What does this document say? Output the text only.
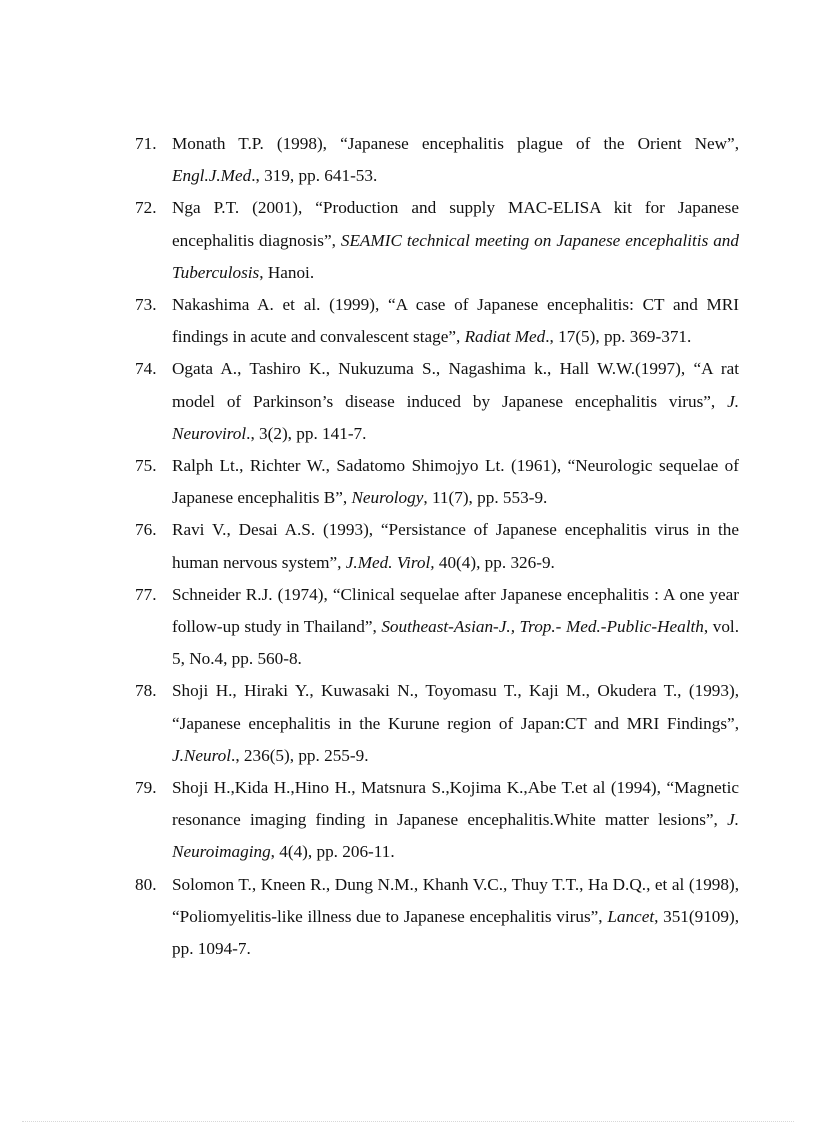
71. Monath T.P. (1998), “Japanese encephalitis plague of the Orient New”, Engl.J.Med., 319, pp. 641-53.
72. Nga P.T. (2001), “Production and supply MAC-ELISA kit for Japanese encephalitis diagnosis”, SEAMIC technical meeting on Japanese encephalitis and Tuberculosis, Hanoi.
73. Nakashima A. et al. (1999), “A case of Japanese encephalitis: CT and MRI findings in acute and convalescent stage”, Radiat Med., 17(5), pp. 369-371.
74. Ogata A., Tashiro K., Nukuzuma S., Nagashima k., Hall W.W.(1997), “A rat model of Parkinson’s disease induced by Japanese encephalitis virus”, J. Neurovirol., 3(2), pp. 141-7.
75. Ralph Lt., Richter W., Sadatomo Shimojyo Lt. (1961), “Neurologic sequelae of Japanese encephalitis B”, Neurology, 11(7), pp. 553-9.
76. Ravi V., Desai A.S. (1993), “Persistance of Japanese encephalitis virus in the human nervous system”, J.Med. Virol, 40(4), pp. 326-9.
77. Schneider R.J. (1974), “Clinical sequelae after Japanese encephalitis : A one year follow-up study in Thailand”, Southeast-Asian-J., Trop.- Med.-Public-Health, vol. 5, No.4, pp. 560-8.
78. Shoji H., Hiraki Y., Kuwasaki N., Toyomasu T., Kaji M., Okudera T., (1993), “Japanese encephalitis in the Kurune region of Japan:CT and MRI Findings”, J.Neurol., 236(5), pp. 255-9.
79. Shoji H.,Kida H.,Hino H., Matsnura S.,Kojima K.,Abe T.et al (1994), “Magnetic resonance imaging finding in Japanese encephalitis.White matter lesions”, J. Neuroimaging, 4(4), pp. 206-11.
80. Solomon T., Kneen R., Dung N.M., Khanh V.C., Thuy T.T., Ha D.Q., et al (1998), “Poliomyelitis-like illness due to Japanese encephalitis virus”, Lancet, 351(9109), pp. 1094-7.
